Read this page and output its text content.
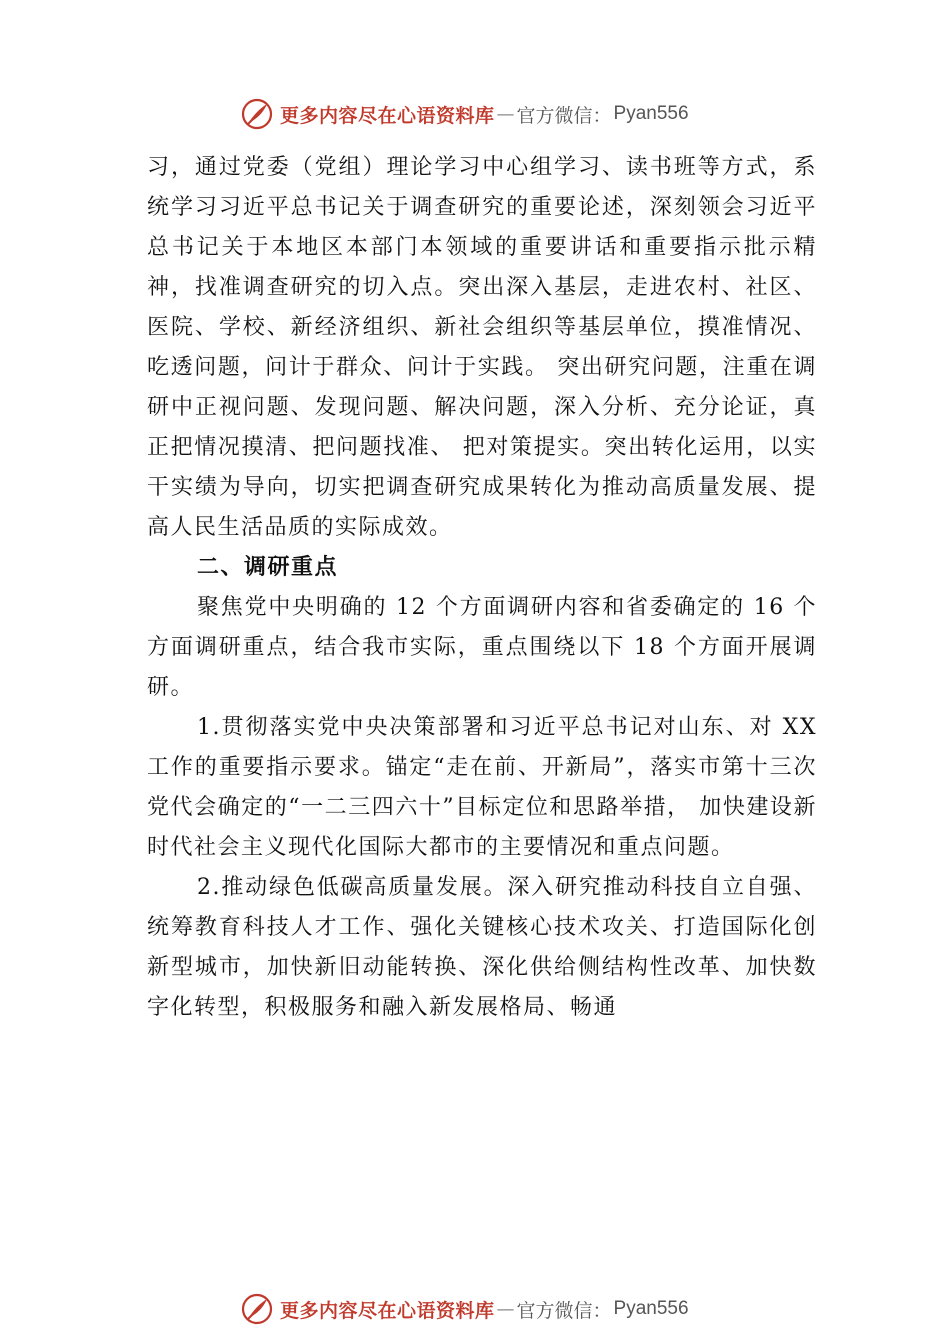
更多内容尽在心语资料库 — 官方微信： Pyan556

习，通过党委（党组）理论学习中心组学习、读书班等方式，系统学习习近平总书记关于调查研究的重要论述，深刻领会习近平总书记关于本地区本部门本领域的重要讲话和重要指示批示精神，找准调查研究的切入点。突出深入基层，走进农村、社区、医院、学校、新经济组织、新社会组织等基层单位，摸准情况、吃透问题，问计于群众、问计于实践。 突出研究问题，注重在调研中正视问题、发现问题、解决问题，深入分析、充分论证，真正把情况摸清、把问题找准、 把对策提实。突出转化运用，以实干实绩为导向，切实把调查研究成果转化为推动高质量发展、提高人民生活品质的实际成效。

二、调研重点

聚焦党中央明确的 12 个方面调研内容和省委确定的 16 个方面调研重点，结合我市实际，重点围绕以下 18 个方面开展调研。

1.贯彻落实党中央决策部署和习近平总书记对山东、对 XX 工作的重要指示要求。锚定“走在前、开新局”，落实市第十三次党代会确定的“一二三四六十”目标定位和思路举措， 加快建设新时代社会主义现代化国际大都市的主要情况和重点问题。

2.推动绿色低碳高质量发展。深入研究推动科技自立自强、统筹教育科技人才工作、强化关键核心技术攻关、打造国际化创新型城市，加快新旧动能转换、深化供给侧结构性改革、加快数字化转型，积极服务和融入新发展格局、畅通

更多内容尽在心语资料库 — 官方微信： Pyan556
